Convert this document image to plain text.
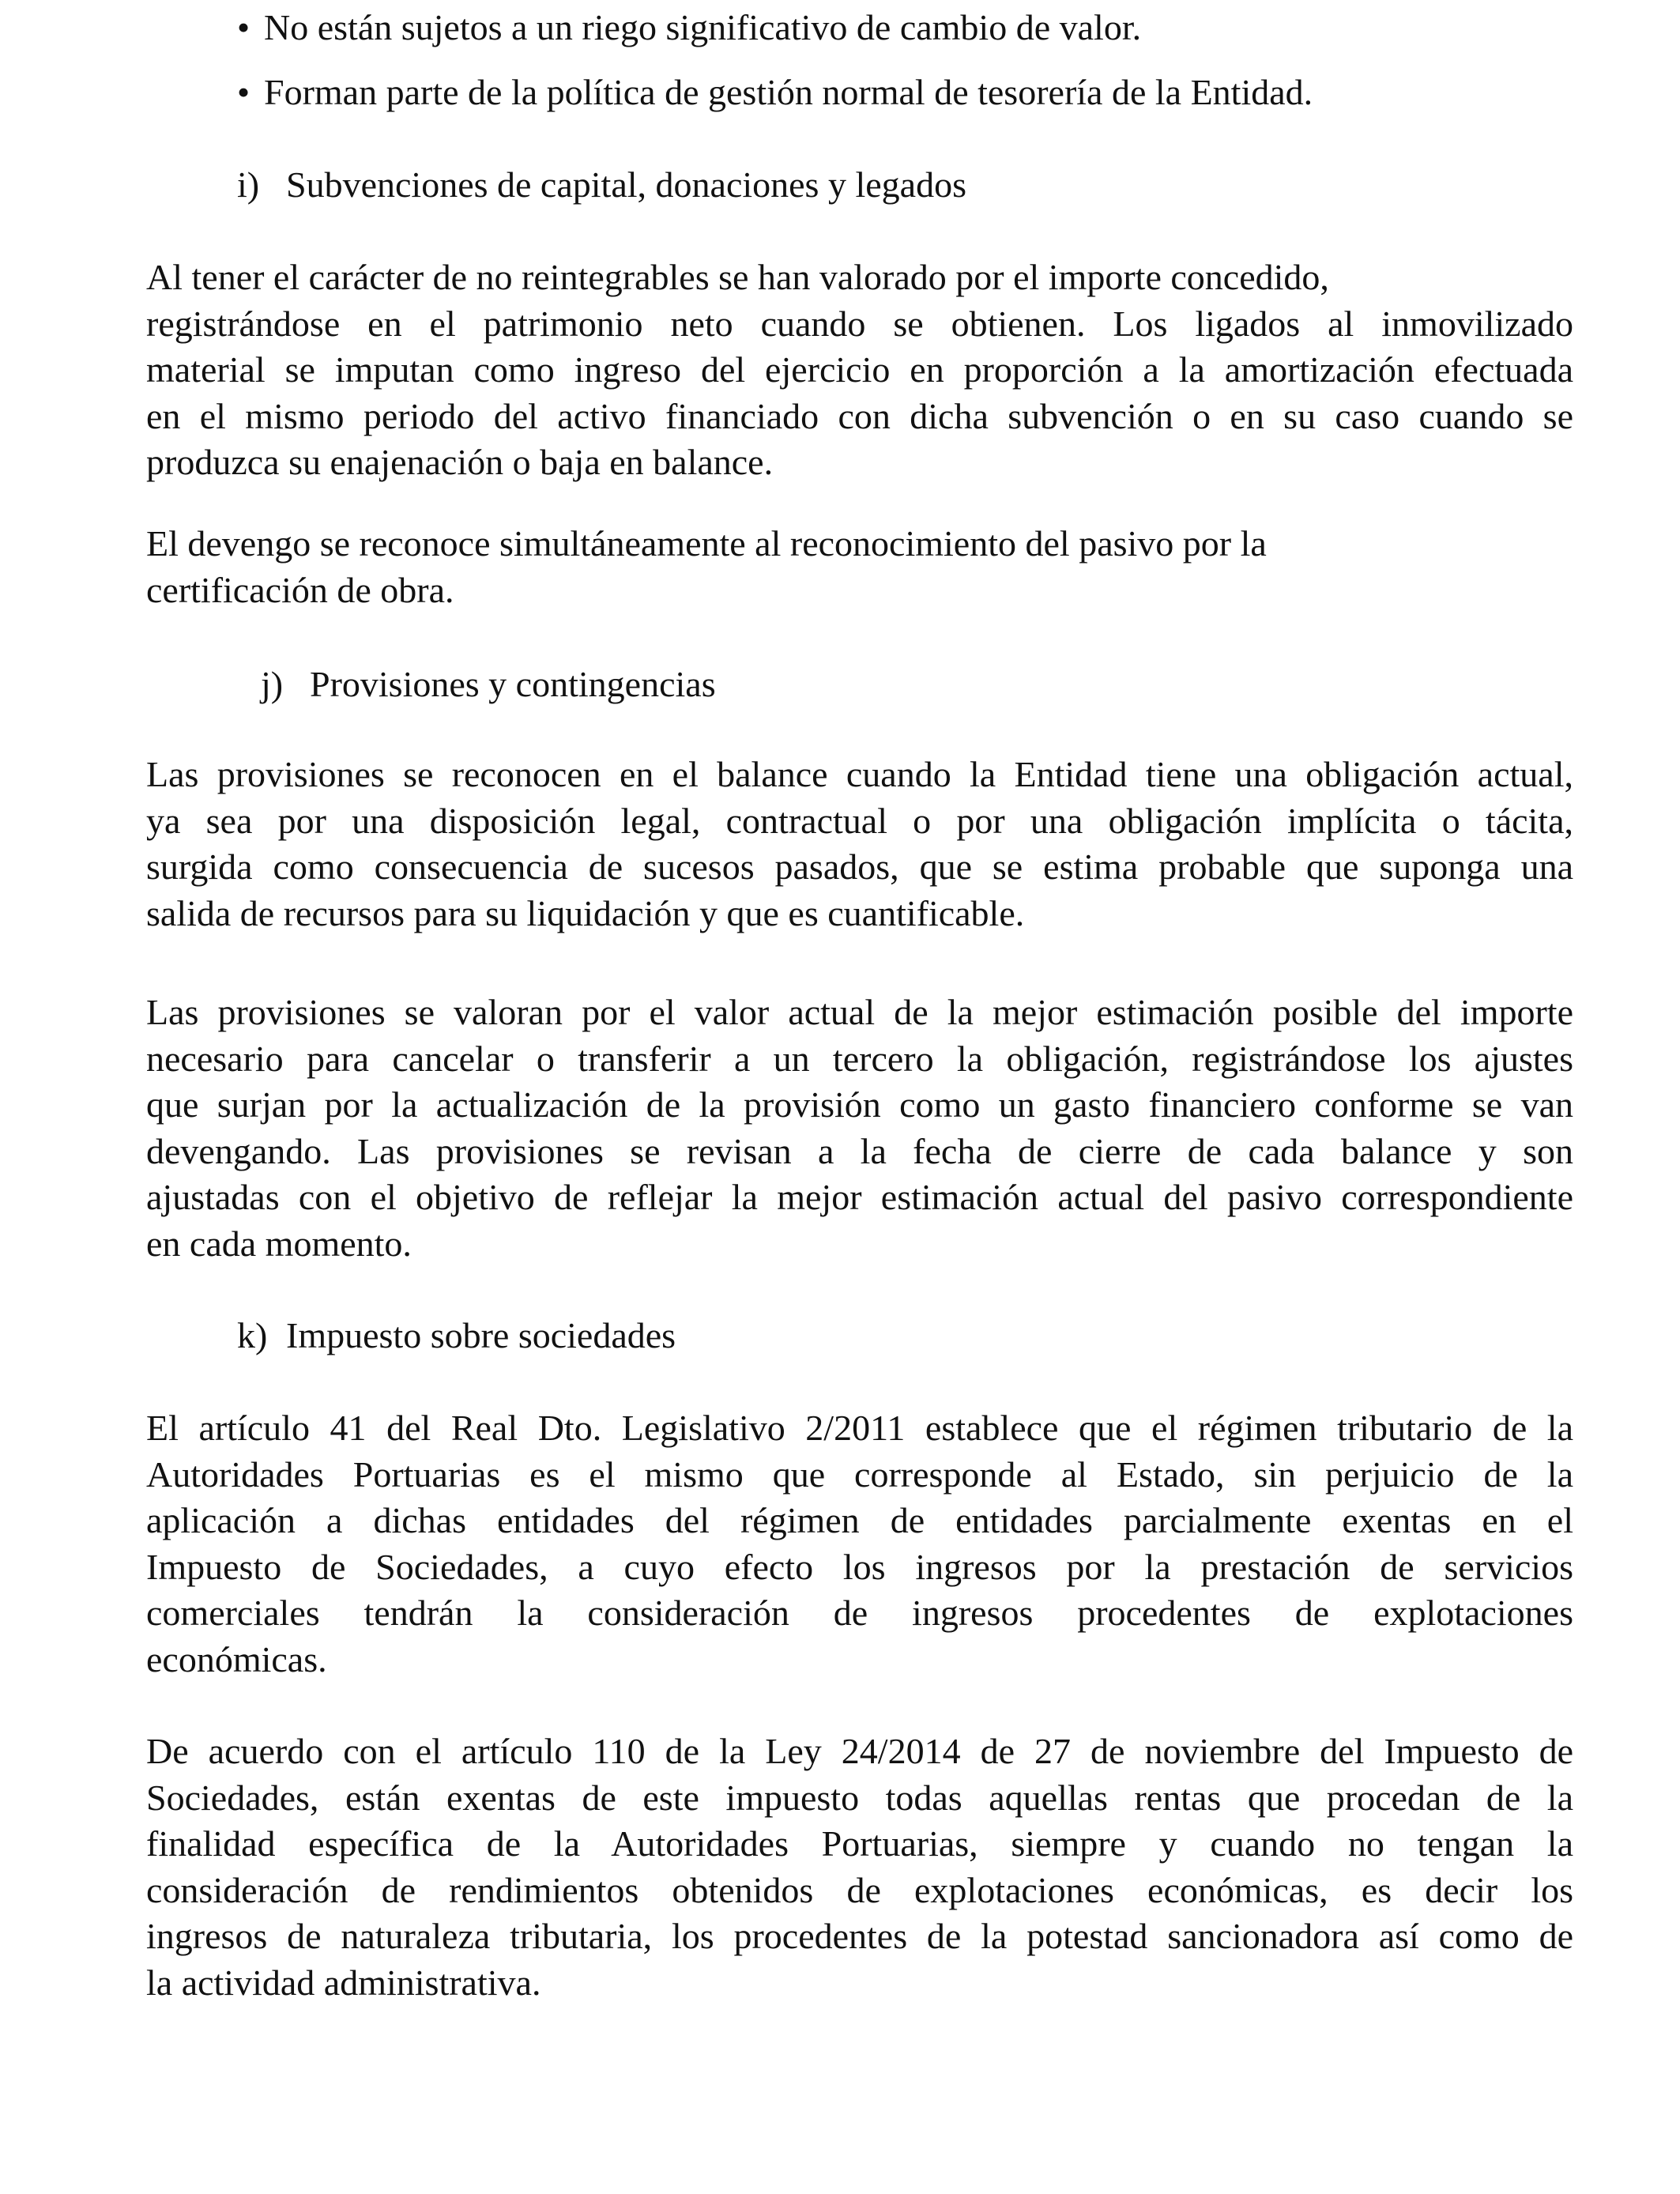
• No están sujetos a un riego significativo de cambio de valor.
• Forman parte de la política de gestión normal de tesorería de la Entidad.
i) Subvenciones de capital, donaciones y legados
Al tener el carácter de no reintegrables se han valorado por el importe concedido,
registrándose en el patrimonio neto cuando se obtienen. Los ligados al inmovilizado
material se imputan como ingreso del ejercicio en proporción a la amortización efectuada
en el mismo periodo del activo financiado con dicha subvención o en su caso cuando se
produzca su enajenación o baja en balance.
El devengo se reconoce simultáneamente al reconocimiento del pasivo por la
certificación de obra.
j) Provisiones y contingencias
Las provisiones se reconocen en el balance cuando la Entidad tiene una obligación actual,
ya sea por una disposición legal, contractual o por una obligación implícita o tácita,
surgida como consecuencia de sucesos pasados, que se estima probable que suponga una
salida de recursos para su liquidación y que es cuantificable.
Las provisiones se valoran por el valor actual de la mejor estimación posible del importe
necesario para cancelar o transferir a un tercero la obligación, registrándose los ajustes
que surjan por la actualización de la provisión como un gasto financiero conforme se van
devengando. Las provisiones se revisan a la fecha de cierre de cada balance y son
ajustadas con el objetivo de reflejar la mejor estimación actual del pasivo correspondiente
en cada momento.
k) Impuesto sobre sociedades
El artículo 41 del Real Dto. Legislativo 2/2011 establece que el régimen tributario de la
Autoridades Portuarias es el mismo que corresponde al Estado, sin perjuicio de la
aplicación a dichas entidades del régimen de entidades parcialmente exentas en el
Impuesto de Sociedades, a cuyo efecto los ingresos por la prestación de servicios
comerciales tendrán la consideración de ingresos procedentes de explotaciones
económicas.
De acuerdo con el artículo 110 de la Ley 24/2014 de 27 de noviembre del Impuesto de
Sociedades, están exentas de este impuesto todas aquellas rentas que procedan de la
finalidad específica de la Autoridades Portuarias, siempre y cuando no tengan la
consideración de rendimientos obtenidos de explotaciones económicas, es decir los
ingresos de naturaleza tributaria, los procedentes de la potestad sancionadora así como de
la actividad administrativa.
